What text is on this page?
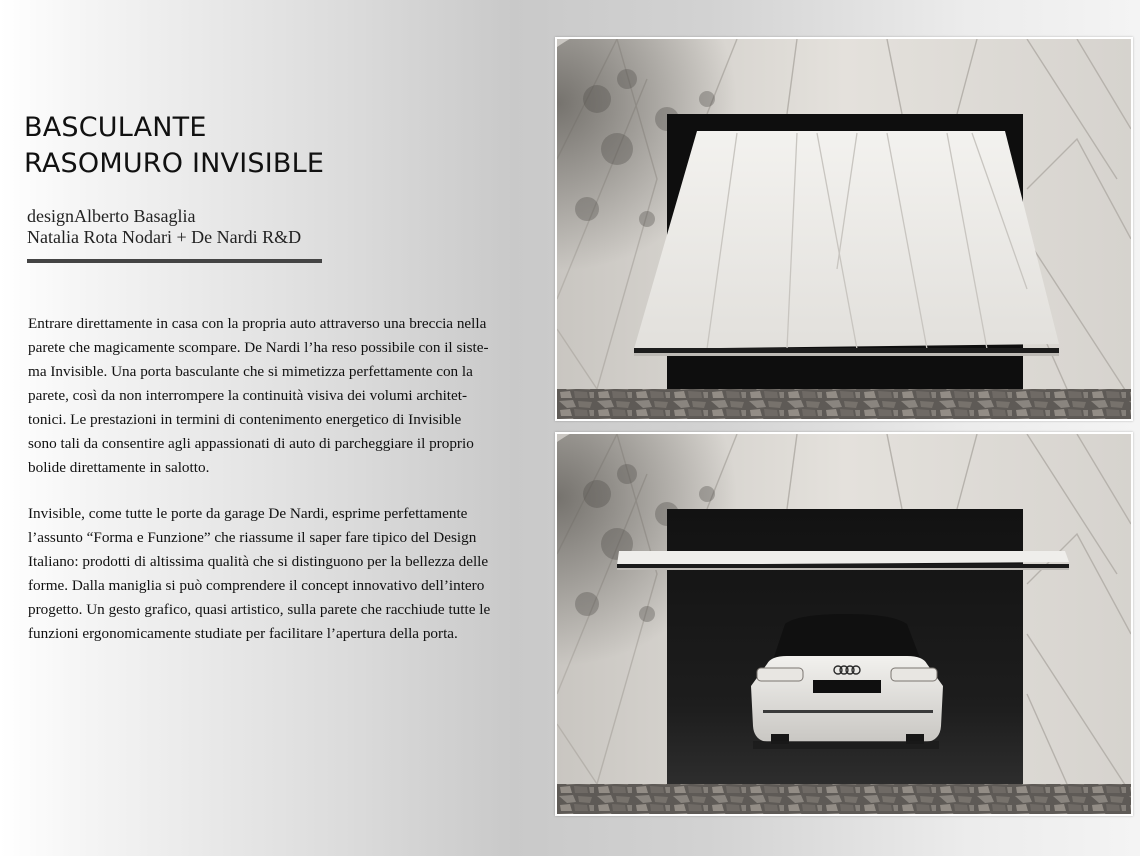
BASCULANTE
RASOMURO INVISIBLE
designAlberto Basaglia
Natalia Rota Nodari + De Nardi R&D

Entrare direttamente in casa con la propria auto attraverso una breccia nella
parete che magicamente scompare. De Nardi l’ha reso possibile con il siste-
ma Invisible. Una porta basculante che si mimetizza perfettamente con la
parete, così da non interrompere la continuità visiva dei volumi architet-
tonici. Le prestazioni in termini di contenimento energetico di Invisible
sono tali da consentire agli appassionati di auto di parcheggiare il proprio
bolide direttamente in salotto.

Invisible, come tutte le porte da garage De Nardi, esprime perfettamente
l’assunto “Forma e Funzione” che riassume il saper fare tipico del Design
Italiano: prodotti di altissima qualità che si distinguono per la bellezza delle
forme. Dalla maniglia si può comprendere il concept innovativo dell’intero
progetto. Un gesto grafico, quasi artistico, sulla parete che racchiude tutte le
funzioni ergonomicamente studiate per facilitare l’apertura della porta.
